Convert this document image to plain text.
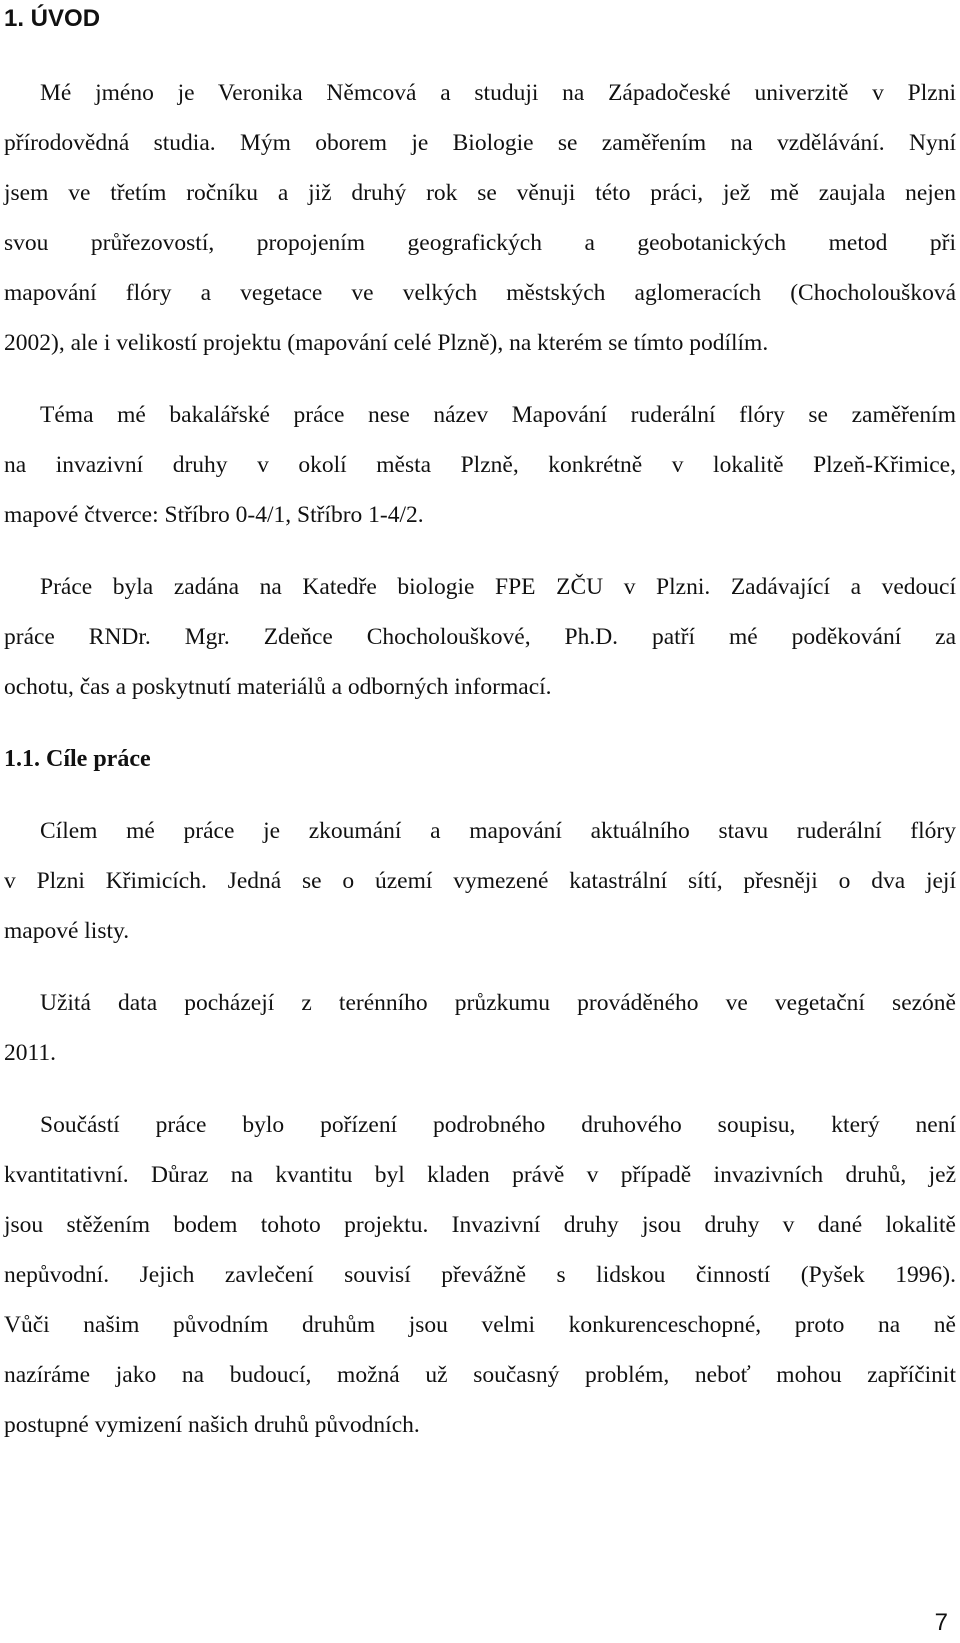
1. ÚVOD
Mé jméno je Veronika Němcová a studuji na Západočeské univerzitě v Plzni
přírodovědná studia. Mým oborem je Biologie se zaměřením na vzdělávání. Nyní
jsem ve třetím ročníku a již druhý rok se věnuji této práci, jež mě zaujala nejen
svou průřezovostí, propojením geografických a geobotanických metod při
mapování flóry a vegetace ve velkých městských aglomeracích (Chocholoušková
2002), ale i velikostí projektu (mapování celé Plzně), na kterém se tímto podílím.
Téma mé bakalářské práce nese název Mapování ruderální flóry se zaměřením
na invazivní druhy v okolí města Plzně, konkrétně v lokalitě Plzeň-Křimice,
mapové čtverce: Stříbro 0-4/1, Stříbro 1-4/2.
Práce byla zadána na Katedře biologie FPE ZČU v Plzni. Zadávající a vedoucí
práce RNDr. Mgr. Zdeňce Chocholouškové, Ph.D. patří mé poděkování za
ochotu, čas a poskytnutí materiálů a odborných informací.
1.1. Cíle práce
Cílem mé práce je zkoumání a mapování aktuálního stavu ruderální flóry
v Plzni Křimicích. Jedná se o území vymezené katastrální sítí, přesněji o dva její
mapové listy.
Užitá data pocházejí z terénního průzkumu prováděného ve vegetační sezóně
2011.
Součástí práce bylo pořízení podrobného druhového soupisu, který není
kvantitativní. Důraz na kvantitu byl kladen právě v případě invazivních druhů, jež
jsou stěžením bodem tohoto projektu. Invazivní druhy jsou druhy v dané lokalitě
nepůvodní. Jejich zavlečení souvisí převážně s lidskou činností (Pyšek 1996).
Vůči našim původním druhům jsou velmi konkurenceschopné, proto na ně
nazíráme jako na budoucí, možná už současný problém, neboť mohou zapříčinit
postupné vymizení našich druhů původních.
7
